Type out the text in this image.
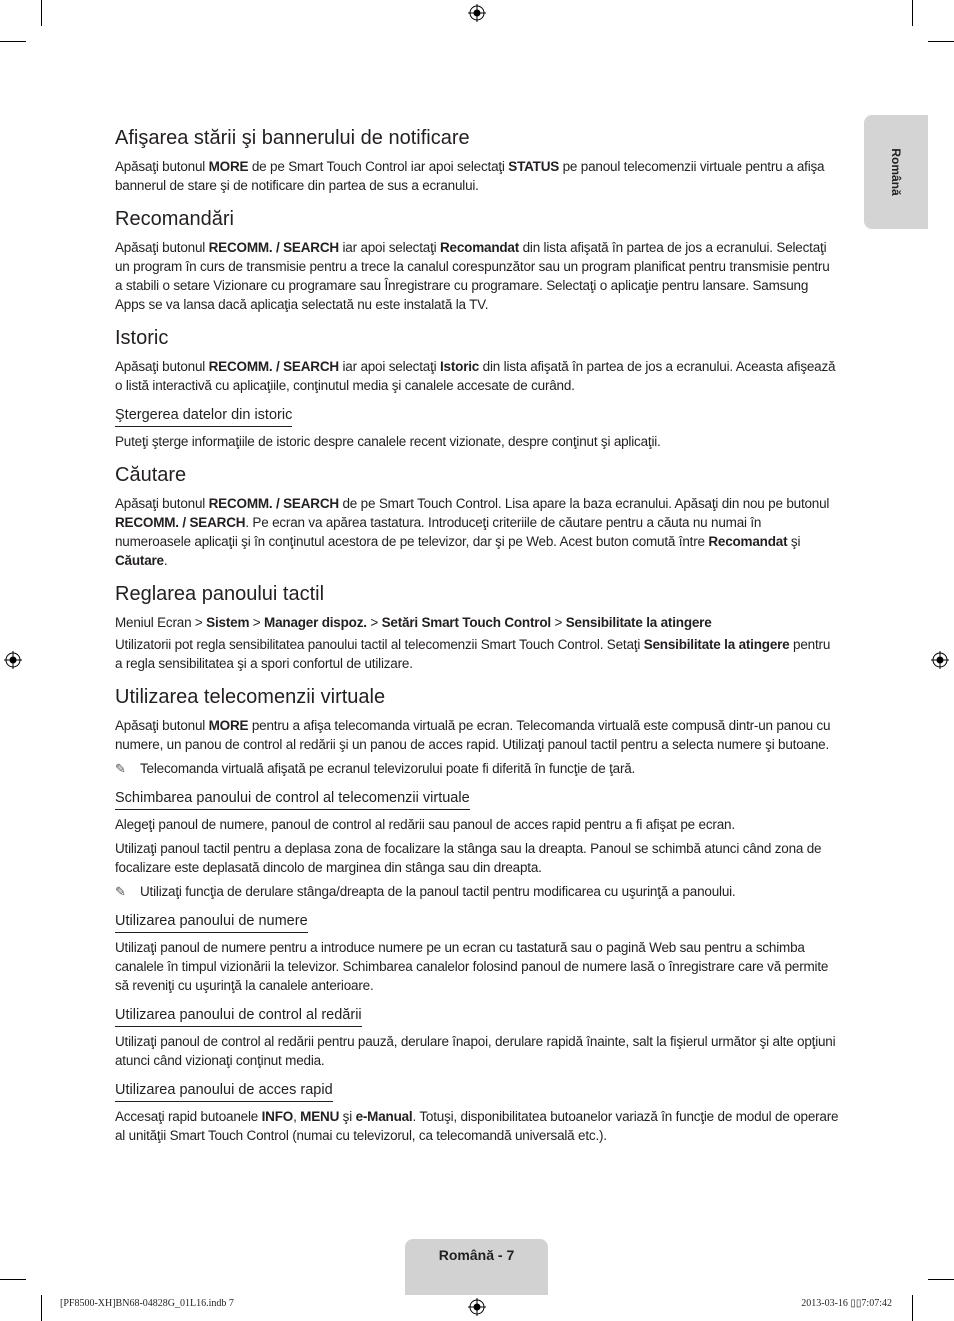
Română
Afişarea stării şi bannerului de notificare

Apăsaţi butonul MORE de pe Smart Touch Control iar apoi selectaţi STATUS pe panoul telecomenzii virtuale pentru a afişa bannerul de stare şi de notificare din partea de sus a ecranului.

Recomandări

Apăsaţi butonul RECOMM. / SEARCH iar apoi selectaţi Recomandat din lista afişată în partea de jos a ecranului. Selectaţi un program în curs de transmisie pentru a trece la canalul corespunzător sau un program planificat pentru transmisie pentru a stabili o setare Vizionare cu programare sau Înregistrare cu programare. Selectaţi o aplicaţie pentru lansare. Samsung Apps se va lansa dacă aplicaţia selectată nu este instalată la TV.

Istoric

Apăsaţi butonul RECOMM. / SEARCH iar apoi selectaţi Istoric din lista afişată în partea de jos a ecranului. Aceasta afişează o listă interactivă cu aplicaţiile, conţinutul media şi canalele accesate de curând.

Ştergerea datelor din istoric

Puteţi şterge informaţiile de istoric despre canalele recent vizionate, despre conţinut şi aplicaţii.

Căutare

Apăsaţi butonul RECOMM. / SEARCH de pe Smart Touch Control. Lisa apare la baza ecranului. Apăsaţi din nou pe butonul RECOMM. / SEARCH. Pe ecran va apărea tastatura. Introduceţi criteriile de căutare pentru a căuta nu numai în numeroasele aplicaţii şi în conţinutul acestora de pe televizor, dar şi pe Web. Acest buton comută între Recomandat şi Căutare.

Reglarea panoului tactil

Meniul Ecran > Sistem > Manager dispoz. > Setări Smart Touch Control > Sensibilitate la atingere

Utilizatorii pot regla sensibilitatea panoului tactil al telecomenzii Smart Touch Control. Setaţi Sensibilitate la atingere pentru a regla sensibilitatea şi a spori confortul de utilizare.

Utilizarea telecomenzii virtuale

Apăsaţi butonul MORE pentru a afişa telecomanda virtuală pe ecran. Telecomanda virtuală este compusă dintr-un panou cu numere, un panou de control al redării şi un panou de acces rapid. Utilizaţi panoul tactil pentru a selecta numere şi butoane.

✎ Telecomanda virtuală afişată pe ecranul televizorului poate fi diferită în funcţie de ţară.

Schimbarea panoului de control al telecomenzii virtuale

Alegeţi panoul de numere, panoul de control al redării sau panoul de acces rapid pentru a fi afişat pe ecran.

Utilizaţi panoul tactil pentru a deplasa zona de focalizare la stânga sau la dreapta. Panoul se schimbă atunci când zona de focalizare este deplasată dincolo de marginea din stânga sau din dreapta.

✎ Utilizaţi funcţia de derulare stânga/dreapta de la panoul tactil pentru modificarea cu uşurinţă a panoului.

Utilizarea panoului de numere

Utilizaţi panoul de numere pentru a introduce numere pe un ecran cu tastatură sau o pagină Web sau pentru a schimba canalele în timpul vizionării la televizor. Schimbarea canalelor folosind panoul de numere lasă o înregistrare care vă permite să reveniţi cu uşurinţă la canalele anterioare.

Utilizarea panoului de control al redării

Utilizaţi panoul de control al redării pentru pauză, derulare înapoi, derulare rapidă înainte, salt la fişierul următor şi alte opţiuni atunci când vizionaţi conţinut media.

Utilizarea panoului de acces rapid

Accesaţi rapid butoanele INFO, MENU şi e-Manual. Totuşi, disponibilitatea butoanelor variază în funcţie de modul de operare al unităţii Smart Touch Control (numai cu televizorul, ca telecomandă universală etc.).

Română - 7
[PF8500-XH]BN68-04828G_01L16.indb 7	2013-03-16 ▯▯7:07:42
